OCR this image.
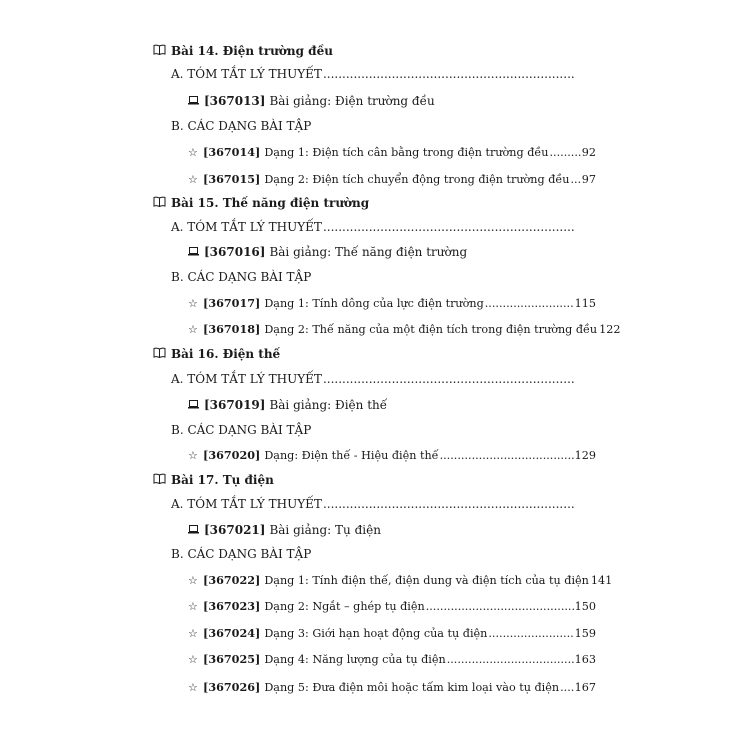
Bài 14. Điện trường đều
A. TÓM TẮT LÝ THUYẾT
.....
[367013] Bài giảng: Điện trường đều
B. CÁC DẠNG BÀI TẬP
☆ [367014] Dạng 1: Điện tích cân bằng trong điện trường đều .....	92
☆ [367015] Dạng 2: Điện tích chuyển động trong điện trường đều ..... 97
Bài 15. Thế năng điện trường
A. TÓM TẮT LÝ THUYẾT
.....
[367016] Bài giảng: Thế năng điện trường
B. CÁC DẠNG BÀI TẬP
☆ [367017] Dạng 1: Tính dông của lực điện trường .....	115
☆ [367018] Dạng 2: Thế năng của một điện tích trong điện trường đều 122
Bài 16. Điện thế
A. TÓM TẮT LÝ THUYẾT
.....
[367019] Bài giảng: Điện thế
B. CÁC DẠNG BÀI TẬP
☆ [367020] Dạng: Điện thế - Hiệu điện thế .....	129
Bài 17. Tụ điện
A. TÓM TẮT LÝ THUYẾT
.....
[367021] Bài giảng: Tụ điện
B. CÁC DẠNG BÀI TẬP
☆ [367022] Dạng 1: Tính điện thế, điện dung và điện tích của tụ điện 141
☆ [367023] Dạng 2: Ngắt – ghép tụ điện .....	150
☆ [367024] Dạng 3: Giới hạn hoạt động của tụ điện .....	159
☆ [367025] Dạng 4: Năng lượng của tụ điện .....	163
☆ [367026] Dạng 5: Đưa điện môi hoặc tấm kim loại vào tụ điện ..... 167
